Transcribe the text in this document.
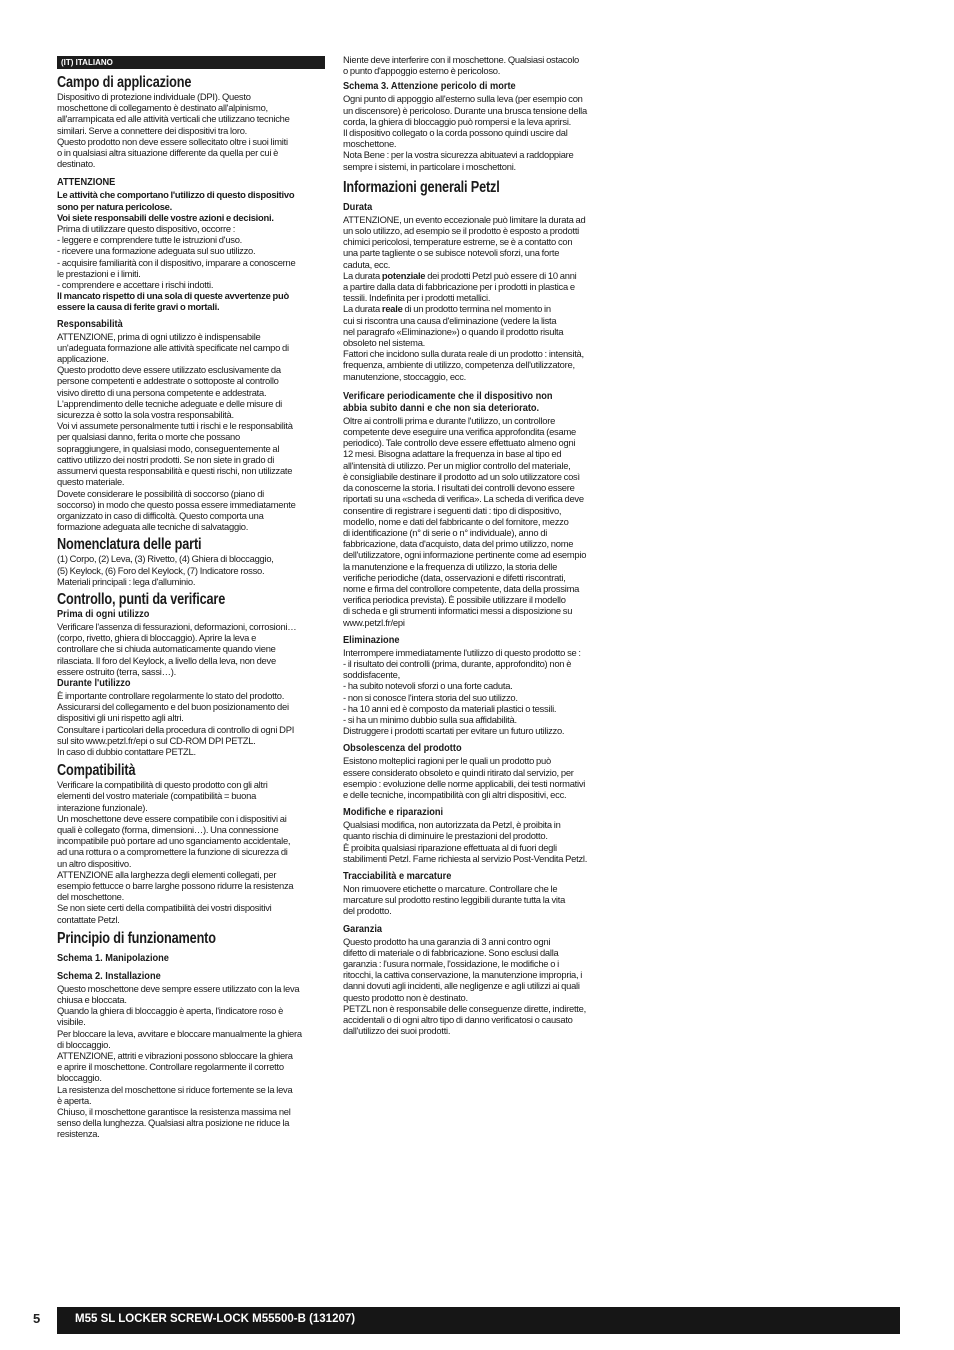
(IT) ITALIANO
Campo di applicazione

Dispositivo di protezione individuale (DPI). Questo
moschettone di collegamento è destinato all'alpinismo,
all'arrampicata ed alle attività verticali che utilizzano tecniche
similari. Serve a connettere dei dispositivi tra loro.
Questo prodotto non deve essere sollecitato oltre i suoi limiti
o in qualsiasi altra situazione differente da quella per cui è
destinato.

ATTENZIONE

Le attività che comportano l'utilizzo di questo dispositivo
sono per natura pericolose.
Voi siete responsabili delle vostre azioni e decisioni.

Prima di utilizzare questo dispositivo, occorre :
- leggere e comprendere tutte le istruzioni d'uso.
- ricevere una formazione adeguata sul suo utilizzo.
- acquisire familiarità con il dispositivo, imparare a conoscerne
le prestazioni e i limiti.
- comprendere e accettare i rischi indotti.

Il mancato rispetto di una sola di queste avvertenze può
essere la causa di ferite gravi o mortali.

Responsabilità

ATTENZIONE, prima di ogni utilizzo è indispensabile
un'adeguata formazione alle attività specificate nel campo di
applicazione.
Questo prodotto deve essere utilizzato esclusivamente da
persone competenti e addestrate o sottoposte al controllo
visivo diretto di una persona competente e addestrata.
L'apprendimento delle tecniche adeguate e delle misure di
sicurezza è sotto la sola vostra responsabilità.
Voi vi assumete personalmente tutti i rischi e le responsabilità
per qualsiasi danno, ferita o morte che possano
sopraggiungere, in qualsiasi modo, conseguentemente al
cattivo utilizzo dei nostri prodotti. Se non siete in grado di
assumervi questa responsabilità e questi rischi, non utilizzate
questo materiale.
Dovete considerare le possibilità di soccorso (piano di
soccorso) in modo che questo possa essere immediatamente
organizzato in caso di difficoltà. Questo comporta una
formazione adeguata alle tecniche di salvataggio.

Nomenclatura delle parti

(1) Corpo, (2) Leva, (3) Rivetto, (4) Ghiera di bloccaggio,
(5) Keylock, (6) Foro del Keylock, (7) Indicatore rosso.
Materiali principali : lega d'alluminio.

Controllo, punti da verificare
Prima di ogni utilizzo

Verificare l'assenza di fessurazioni, deformazioni, corrosioni…
(corpo, rivetto, ghiera di bloccaggio). Aprire la leva e
controllare che si chiuda automaticamente quando viene
rilasciata. Il foro del Keylock, a livello della leva, non deve
essere ostruito (terra, sassi…).

Durante l'utilizzo

È importante controllare regolarmente lo stato del prodotto.
Assicurarsi del collegamento e del buon posizionamento dei
dispositivi gli uni rispetto agli altri.
Consultare i particolari della procedura di controllo di ogni DPI
sul sito www.petzl.fr/epi o sul CD-ROM DPI PETZL.
In caso di dubbio contattare PETZL.

Compatibilità

Verificare la compatibilità di questo prodotto con gli altri
elementi del vostro materiale (compatibilità = buona
interazione funzionale).
Un moschettone deve essere compatibile con i dispositivi ai
quali è collegato (forma, dimensioni…). Una connessione
incompatibile può portare ad uno sganciamento accidentale,
ad una rottura o a compromettere la funzione di sicurezza di
un altro dispositivo.
ATTENZIONE alla larghezza degli elementi collegati, per
esempio fettucce o barre larghe possono ridurre la resistenza
del moschettone.
Se non siete certi della compatibilità dei vostri dispositivi
contattate Petzl.

Principio di funzionamento
Schema 1. Manipolazione
Schema 2. Installazione

Questo moschettone deve sempre essere utilizzato con la leva
chiusa e bloccata.
Quando la ghiera di bloccaggio è aperta, l'indicatore roso è
visibile.
Per bloccare la leva, avvitare e bloccare manualmente la ghiera
di bloccaggio.
ATTENZIONE, attriti e vibrazioni possono sbloccare la ghiera
e aprire il moschettone. Controllare regolarmente il corretto
bloccaggio.
La resistenza del moschettone si riduce fortemente se la leva
è aperta.
Chiuso, il moschettone garantisce la resistenza massima nel
senso della lunghezza. Qualsiasi altra posizione ne riduce la
resistenza.

Niente deve interferire con il moschettone. Qualsiasi ostacolo
o punto d'appoggio esterno è pericoloso.

Schema 3. Attenzione pericolo di morte

Ogni punto di appoggio all'esterno sulla leva (per esempio con
un discensore) è pericoloso. Durante una brusca tensione della
corda, la ghiera di bloccaggio può rompersi e la leva aprirsi.
Il dispositivo collegato o la corda possono quindi uscire dal
moschettone.
Nota Bene : per la vostra sicurezza abituatevi a raddoppiare
sempre i sistemi, in particolare i moschettoni.

Informazioni generali Petzl
Durata

ATTENZIONE, un evento eccezionale può limitare la durata ad
un solo utilizzo, ad esempio se il prodotto è esposto a prodotti
chimici pericolosi, temperature estreme, se è a contatto con
una parte tagliente o se subisce notevoli sforzi, una forte
caduta, ecc.

La durata potenziale dei prodotti Petzl può essere di 10 anni
a partire dalla data di fabbricazione per i prodotti in plastica e
tessili. Indefinita per i prodotti metallici.

La durata reale di un prodotto termina nel momento in
cui si riscontra una causa d'eliminazione (vedere la lista
nel paragrafo «Eliminazione») o quando il prodotto risulta
obsoleto nel sistema.
Fattori che incidono sulla durata reale di un prodotto : intensità,
frequenza, ambiente di utilizzo, competenza dell'utilizzatore,
manutenzione, stoccaggio, ecc.

Verificare periodicamente che il dispositivo non
abbia subito danni e che non sia deteriorato.

Oltre ai controlli prima e durante l'utilizzo, un controllore
competente deve eseguire una verifica approfondita (esame
periodico). Tale controllo deve essere effettuato almeno ogni
12 mesi. Bisogna adattare la frequenza in base al tipo ed
all'intensità di utilizzo. Per un miglior controllo del materiale,
è consigliabile destinare il prodotto ad un solo utilizzatore così
da conoscerne la storia. I risultati dei controlli devono essere
riportati su una «scheda di verifica». La scheda di verifica deve
consentire di registrare i seguenti dati : tipo di dispositivo,
modello, nome e dati del fabbricante o del fornitore, mezzo
di identificazione (n° di serie o n° individuale), anno di
fabbricazione, data d'acquisto, data del primo utilizzo, nome
dell'utilizzatore, ogni informazione pertinente come ad esempio
la manutenzione e la frequenza di utilizzo, la storia delle
verifiche periodiche (data, osservazioni e difetti riscontrati,
nome e firma del controllore competente, data della prossima
verifica periodica prevista). È possibile utilizzare il modello
di scheda e gli strumenti informatici messi a disposizione su
www.petzl.fr/epi

Eliminazione

Interrompere immediatamente l'utilizzo di questo prodotto se :
- il risultato dei controlli (prima, durante, approfondito) non è
soddisfacente,
- ha subito notevoli sforzi o una forte caduta.
- non si conosce l'intera storia del suo utilizzo.
- ha 10 anni ed è composto da materiali plastici o tessili.
- si ha un minimo dubbio sulla sua affidabilità.
Distruggere i prodotti scartati per evitare un futuro utilizzo.

Obsolescenza del prodotto

Esistono molteplici ragioni per le quali un prodotto può
essere considerato obsoleto e quindi ritirato dal servizio, per
esempio : evoluzione delle norme applicabili, dei testi normativi
e delle tecniche, incompatibilità con gli altri dispositivi, ecc.

Modifiche e riparazioni

Qualsiasi modifica, non autorizzata da Petzl, è proibita in
quanto rischia di diminuire le prestazioni del prodotto.
È proibita qualsiasi riparazione effettuata al di fuori degli
stabilimenti Petzl. Farne richiesta al servizio Post-Vendita Petzl.

Tracciabilità e marcature

Non rimuovere etichette o marcature. Controllare che le
marcature sul prodotto restino leggibili durante tutta la vita
del prodotto.

Garanzia

Questo prodotto ha una garanzia di 3 anni contro ogni
difetto di materiale o di fabbricazione. Sono esclusi dalla
garanzia : l'usura normale, l'ossidazione, le modifiche o i
ritocchi, la cattiva conservazione, la manutenzione impropria, i
danni dovuti agli incidenti, alle negligenze e agli utilizzi ai quali
questo prodotto non è destinato.
PETZL non è responsabile delle conseguenze dirette, indirette,
accidentali o di ogni altro tipo di danno verificatosi o causato
dall'utilizzo dei suoi prodotti.

5	M55 SL LOCKER SCREW-LOCK M55500-B (131207)
